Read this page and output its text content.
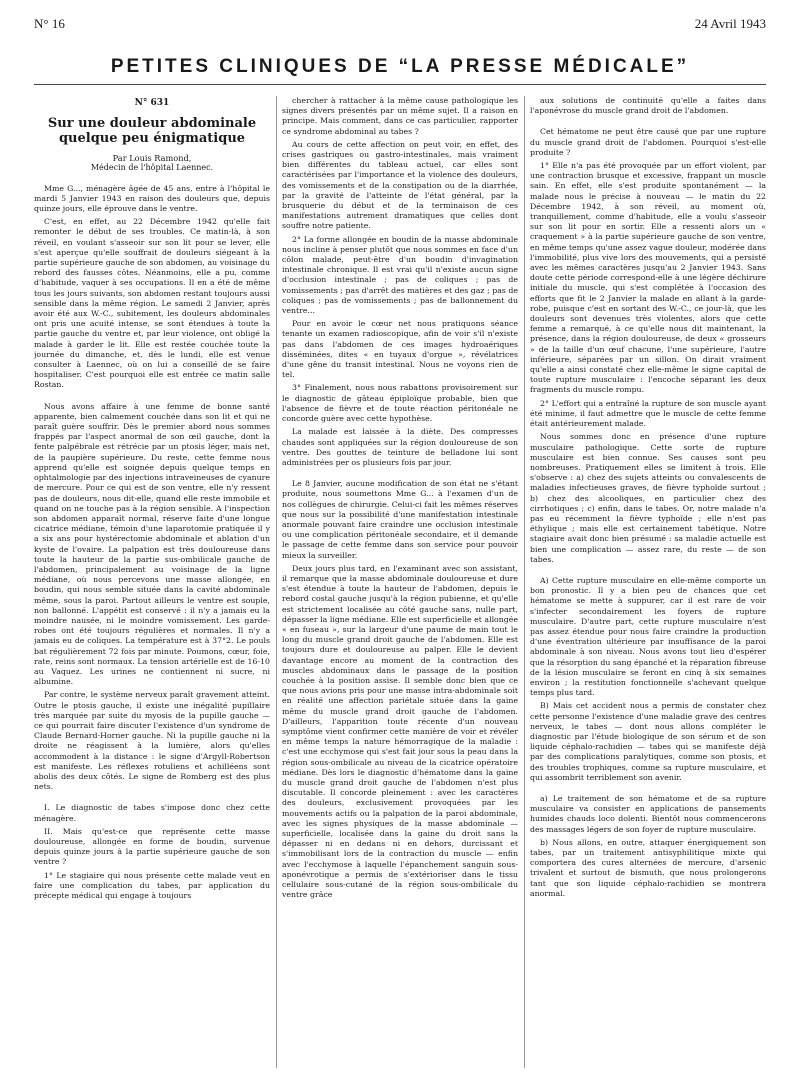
N° 16	24 Avril 1943
PETITES CLINIQUES DE “LA PRESSE MÉDICALE”
N° 631
Sur une douleur abdominale quelque peu énigmatique
Par Louis Ramond,
Médecin de l'hôpital Laennec.

Mme G..., ménagère âgée de 45 ans, entre à l'hôpital le mardi 5 Janvier 1943 en raison des douleurs que, depuis quinze jours, elle éprouve dans le ventre.

C'est, en effet, au 22 Décembre 1942 qu'elle fait remonter le début de ses troubles. Ce matin-là, à son réveil, en voulant s'asseoir sur son lit pour se lever, elle s'est aperçue qu'elle souffrait de douleurs siégeant à la partie supérieure gauche de son abdomen, au voisinage du rebord des fausses côtes. Néanmoins, elle a pu, comme d'habitude, vaquer à ses occupations. Il en a été de même tous les jours suivants, son abdomen restant toujours aussi sensible dans la même région. Le samedi 2 Janvier, après avoir été aux W.-C., subitement, les douleurs abdominales ont pris une acuité intense, se sont étendues à toute la partie gauche du ventre et, par leur violence, ont obligé la malade à garder le lit. Elle est restée couchée toute la journée du dimanche, et, dès le lundi, elle est venue consulter à Laennec, où on lui a conseillé de se faire hospitaliser. C'est pourquoi elle est entrée ce matin salle Rostan.

Nous avons affaire à une femme de bonne santé apparente, bien calmement couchée dans son lit et qui ne paraît guère souffrir. Dès le premier abord nous sommes frappés par l'aspect anormal de son œil gauche, dont la fente palpébrale est rétrécie par un ptosis léger, mais net, de la paupière supérieure. Du reste, cette femme nous apprend qu'elle est soignée depuis quelque temps en ophtalmologie par des injections intraveineuses de cyanure de mercure. Pour ce qui est de son ventre, elle n'y ressent pas de douleurs, nous dit-elle, quand elle reste immobile et quand on ne touche pas à la région sensible. A l'inspection son abdomen apparaît normal, réserve faite d'une longue cicatrice médiane, témoin d'une laparotomie pratiquée il y a six ans pour hystérectomie abdominale et ablation d'un kyste de l'ovaire. La palpation est très douloureuse dans toute la hauteur de la partie sus-ombilicale gauche de l'abdomen, principalement au voisinage de la ligne médiane, où nous percevons une masse allongée, en boudin, qui nous semble située dans la cavité abdominale même, sous la paroi. Partout ailleurs le ventre est souple, non ballonné. L'appétit est conservé : il n'y a jamais eu la moindre nausée, ni le moindre vomissement. Les garde-robes ont été toujours régulières et normales. Il n'y a jamais eu de coliques. La température est à 37°2. Le pouls bat régulièrement 72 fois par minute. Poumons, cœur, foie, rate, reins sont normaux. La tension artérielle est de 16-10 au Vaquez. Les urines ne contiennent ni sucre, ni albumine.

Par contre, le système nerveux paraît gravement atteint. Outre le ptosis gauche, il existe une inégalité pupillaire très marquée par suite du myosis de la pupille gauche — ce qui pourrait faire discuter l'existence d'un syndrome de Claude Bernard-Horner gauche. Ni la pupille gauche ni la droite ne réagissent à la lumière, alors qu'elles accommodent à la distance : le signe d'Argyll-Robertson est manifeste. Les réflexes rotuliens et achilléens sont abolis des deux côtés. Le signe de Romberg est des plus nets.

I. Le diagnostic de tabes s'impose donc chez cette ménagère.

II. Mais qu'est-ce que représente cette masse douloureuse, allongée en forme de boudin, survenue depuis quinze jours à la partie supérieure gauche de son ventre ?

1° Le stagiaire qui nous présente cette malade veut en faire une complication du tabes, par application du précepte médical qui engage à toujours

chercher à rattacher à la même cause pathologique les signes divers présentés par un même sujet. Il a raison en principe. Mais comment, dans ce cas particulier, rapporter ce syndrome abdominal au tabes ?

Au cours de cette affection on peut voir, en effet, des crises gastriques ou gastro-intestinales, mais vraiment bien différentes du tableau actuel, car elles sont caractérisées par l'importance et la violence des douleurs, des vomissements et de la constipation ou de la diarrhée, par la gravité de l'atteinte de l'état général, par la brusquerie du début et de la terminaison de ces manifestations autrement dramatiques que celles dont souffre notre patiente.

2° La forme allongée en boudin de la masse abdominale nous incline à penser plutôt que nous sommes en face d'un côlon malade, peut-être d'un boudin d'invagination intestinale chronique. Il est vrai qu'il n'existe aucun signe d'occlusion intestinale ; pas de coliques ; pas de vomissements ; pas d'arrêt des matières et des gaz ; pas de coliques ; pas de vomissements ; pas de ballonnement du ventre...

Pour en avoir le cœur net nous pratiquons séance tenante un examen radioscopique, afin de voir s'il n'existe pas dans l'abdomen de ces images hydroaériques disséminées, dites « en tuyaux d'orgue », révélatrices d'une gêne du transit intestinal. Nous ne voyons rien de tel.

3° Finalement, nous nous rabattons provisoirement sur le diagnostic de gâteau épiploïque probable, bien que l'absence de fièvre et de toute réaction péritonéale ne concorde guère avec cette hypothèse.

La malade est laissée à la diète. Des compresses chaudes sont appliquées sur la région douloureuse de son ventre. Des gouttes de teinture de belladone lui sont administrées per os plusieurs fois par jour.

Le 8 Janvier, aucune modification de son état ne s'étant produite, nous soumettons Mme G... à l'examen d'un de nos collègues de chirurgie. Celui-ci fait les mêmes réserves que nous sur la possibilité d'une manifestation intestinale anormale pouvant faire craindre une occlusion intestinale ou une complication péritonéale secondaire, et il demande le passage de cette femme dans son service pour pouvoir mieux la surveiller.

Deux jours plus tard, en l'examinant avec son assistant, il remarque que la masse abdominale douloureuse et dure s'est étendue à toute la hauteur de l'abdomen, depuis le rebord costal gauche jusqu'à la région pubienne, et qu'elle est strictement localisée au côté gauche sans, nulle part, dépasser la ligne médiane. Elle est superficielle et allongée « en fuseau », sur la largeur d'une paume de main tout le long du muscle grand droit gauche de l'abdomen. Elle est toujours dure et douloureuse au palper. Elle le devient davantage encore au moment de la contraction des muscles abdominaux dans le passage de la position couchée à la position assise. Il semble donc bien que ce que nous avions pris pour une masse intra-abdominale soit en réalité une affection pariétale située dans la gaine même du muscle grand droit gauche de l'abdomen. D'ailleurs, l'apparition toute récente d'un nouveau symptôme vient confirmer cette manière de voir et révéler en même temps la nature hémorragique de la maladie : c'est une ecchymose qui s'est fait jour sous la peau dans la région sous-ombilicale au niveau de la cicatrice opératoire médiane. Dès lors le diagnostic d'hématome dans la gaine du muscle grand droit gauche de l'abdomen n'est plus discutable. Il concorde pleinement : avec les caractères des douleurs, exclusivement provoquées par les mouvements actifs ou la palpation de la paroi abdominale, avec les signes physiques de la masse abdominale — superficielle, localisée dans la gaine du droit sans la dépasser ni en dedans ni en dehors, durcissant et s'immobilisant lors de la contraction du muscle — enfin avec l'ecchymose à laquelle l'épanchement sanguin sous-aponévrotique a permis de s'extérioriser dans le tissu cellulaire sous-cutané de la région sous-ombilicale du ventre grâce

aux solutions de continuité qu'elle a faites dans l'aponévrose du muscle grand droit de l'abdomen.

Cet hématome ne peut être causé que par une rupture du muscle grand droit de l'abdomen. Pourquoi s'est-elle produite ?

1° Elle n'a pas été provoquée par un effort violent, par une contraction brusque et excessive, frappant un muscle sain. En effet, elle s'est produite spontanément — la malade nous le précise à nouveau — le matin du 22 Décembre 1942, à son réveil, au moment où, tranquillement, comme d'habitude, elle a voulu s'asseoir sur son lit pour en sortir. Elle a ressenti alors un « craquement » à la partie supérieure gauche de son ventre, en même temps qu'une assez vague douleur, modérée dans l'immobilité, plus vive lors des mouvements, qui a persisté avec les mêmes caractères jusqu'au 2 Janvier 1943. Sans doute cette période correspond-elle à une légère déchirure initiale du muscle, qui s'est complétée à l'occasion des efforts que fit le 2 Janvier la malade en allant à la garde-robe, puisque c'est en sortant des W.-C., ce jour-là, que les douleurs sont devenues très violentes, alors que cette femme a remarqué, à ce qu'elle nous dit maintenant, la présence, dans la région douloureuse, de deux « grosseurs » de la taille d'un œuf chacune, l'une supérieure, l'autre inférieure, séparées par un sillon. On dirait vraiment qu'elle a ainsi constaté chez elle-même le signe capital de toute rupture musculaire : l'encoche séparant les deux fragments du muscle rompu.

2° L'effort qui a entraîné la rupture de son muscle ayant été minime, il faut admettre que le muscle de cette femme était antérieurement malade.

Nous sommes donc en présence d'une rupture musculaire pathologique. Cette sorte de rupture musculaire est bien connue. Ses causes sont peu nombreuses. Pratiquement elles se limitent à trois. Elle s'observe : a) chez des sujets atteints ou convalescents de maladies infectieuses graves, de fièvre typhoïde surtout ; b) chez des alcooliques, en particulier chez des cirrhotiques ; c) enfin, dans le tabes. Or, notre malade n'a pas eu récemment la fièvre typhoïde ; elle n'est pas éthylique ; mais elle est certainement tabétique. Notre stagiaire avait donc bien présumé : sa maladie actuelle est bien une complication — assez rare, du reste — de son tabes.

A) Cette rupture musculaire en elle-même comporte un bon pronostic. Il y a bien peu de chances que cet hématome se mette à suppurer, car il est rare de voir s'infecter secondairement les foyers de rupture musculaire. D'autre part, cette rupture musculaire n'est pas assez étendue pour nous faire craindre la production d'une éventration ultérieure par insuffisance de la paroi abdominale à son niveau. Nous avons tout lieu d'espérer que la résorption du sang épanché et la réparation fibreuse de la lésion musculaire se feront en cinq à six semaines environ ; la restitution fonctionnelle s'achevant quelque temps plus tard.

B) Mais cet accident nous a permis de constater chez cette personne l'existence d'une maladie grave des centres nerveux, le tabes — dont nous allons compléter le diagnostic par l'étude biologique de son sérum et de son liquide céphalo-rachidien — tabes qui se manifeste déjà par des complications paralytiques, comme son ptosis, et des troubles trophiques, comme sa rupture musculaire, et qui assombrit terriblement son avenir.

a) Le traitement de son hématome et de sa rupture musculaire va consister en applications de pansements humides chauds loco dolenti. Bientôt nous commencerons des massages légers de son foyer de rupture musculaire.

b) Nous allons, en outre, attaquer énergiquement son tabes, par un traitement antisyphilitique mixte qui comportera des cures alternées de mercure, d'arsenic trivalent et surtout de bismuth, que nous prolongerons tant que son liquide céphalo-rachidien se montrera anormal.
